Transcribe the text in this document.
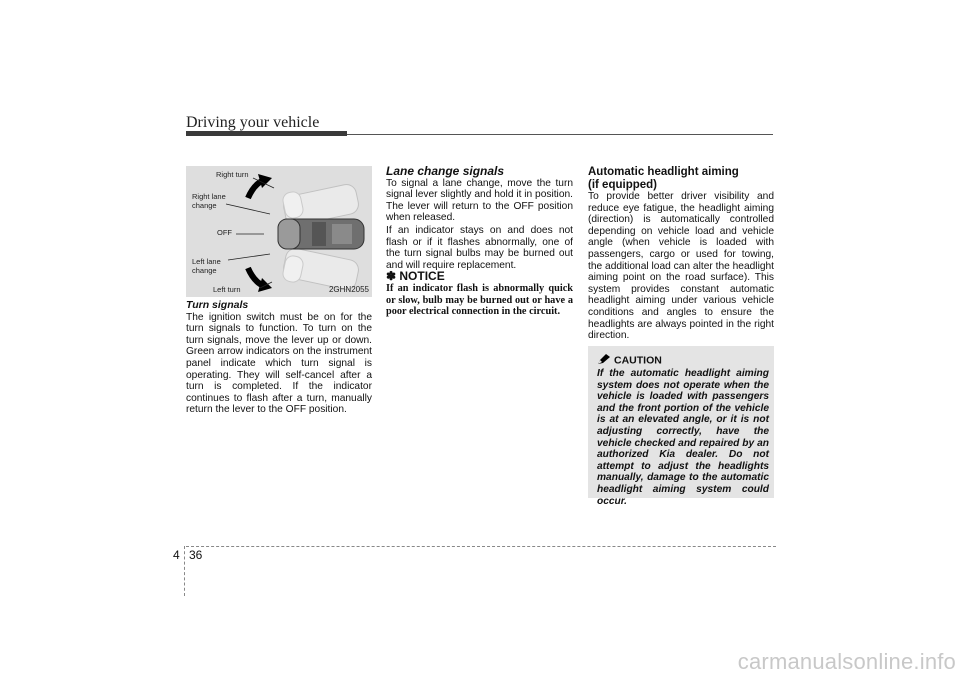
Driving your vehicle
Right turn
Right lane
change
OFF
Left lane
change
Left turn	2GHN2055

Turn signals

The ignition switch must be on for the turn signals to function. To turn on the turn signals, move the lever up or down. Green arrow indicators on the instrument panel indicate which turn signal is operating. They will self-cancel after a turn is completed. If the indicator continues to flash after a turn, manually return the lever to the OFF position.

Lane change signals

To signal a lane change, move the turn signal lever slightly and hold it in position. The lever will return to the OFF position when released.

If an indicator stays on and does not flash or if it flashes abnormally, one of the turn signal bulbs may be burned out and will require replacement.

✽ NOTICE

If an indicator flash is abnormally quick or slow, bulb may be burned out or have a poor electrical connection in the circuit.

Automatic headlight aiming
(if equipped)

To provide better driver visibility and reduce eye fatigue, the headlight aiming (direction) is automatically controlled depending on vehicle load and vehicle angle (when vehicle is loaded with passengers, cargo or used for towing, the additional load can alter the headlight aiming point on the road surface). This system provides constant automatic headlight aiming under various vehicle conditions and angles to ensure the headlights are always pointed in the right direction.

CAUTION
If the automatic headlight aiming system does not operate when the vehicle is loaded with passengers and the front portion of the vehicle is at an elevated angle, or it is not adjusting correctly, have the vehicle checked and repaired by an authorized Kia dealer. Do not attempt to adjust the headlights manually, damage to the automatic headlight aiming system could occur.
4 36
carmanualsonline.info
